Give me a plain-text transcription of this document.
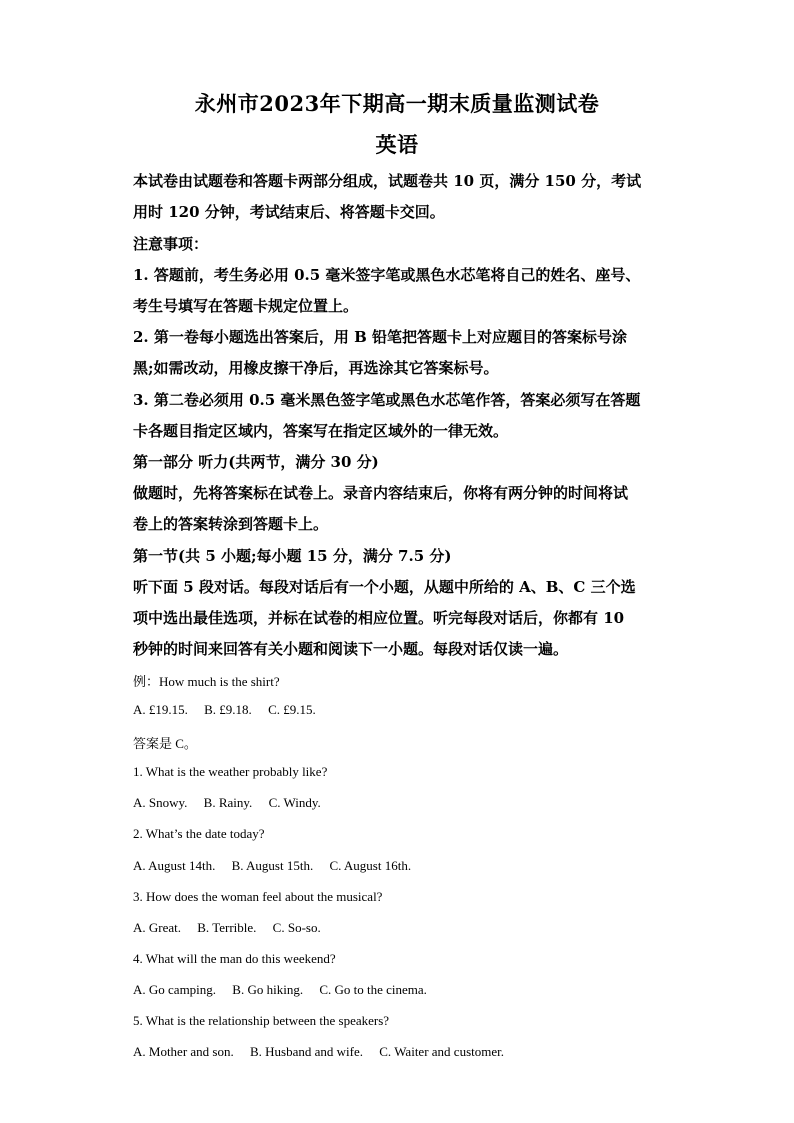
永州市2023年下期高一期末质量监测试卷
英语
本试卷由试题卷和答题卡两部分组成，试题卷共 10 页，满分 150 分，考试
用时 120 分钟，考试结束后、将答题卡交回。
注意事项：
1. 答题前，考生务必用 0.5 毫米签字笔或黑色水芯笔将自己的姓名、座号、
考生号填写在答题卡规定位置上。
2. 第一卷每小题选出答案后，用 B 铅笔把答题卡上对应题目的答案标号涂
黑;如需改动，用橡皮擦干净后，再选涂其它答案标号。
3. 第二卷必须用 0.5 毫米黑色签字笔或黑色水芯笔作答，答案必须写在答题
卡各题目指定区域内，答案写在指定区域外的一律无效。
第一部分 听力(共两节，满分 30 分)
做题时，先将答案标在试卷上。录音内容结束后，你将有两分钟的时间将试
卷上的答案转涂到答题卡上。
第一节(共 5 小题;每小题 15 分，满分 7.5 分)
听下面 5 段对话。每段对话后有一个小题，从题中所给的 A、B、C 三个选
项中选出最佳选项，并标在试卷的相应位置。听完每段对话后，你都有 10
秒钟的时间来回答有关小题和阅读下一小题。每段对话仅读一遍。
例：How much is the shirt?
A. £19.15. B. £9.18. C. £9.15.
答案是 C。
1. What is the weather probably like?
A. Snowy. B. Rainy. C. Windy.
2. What’s the date today?
A. August 14th. B. August 15th. C. August 16th.
3. How does the woman feel about the musical?
A. Great. B. Terrible. C. So-so.
4. What will the man do this weekend?
A. Go camping. B. Go hiking. C. Go to the cinema.
5. What is the relationship between the speakers?
A. Mother and son. B. Husband and wife. C. Waiter and customer.
